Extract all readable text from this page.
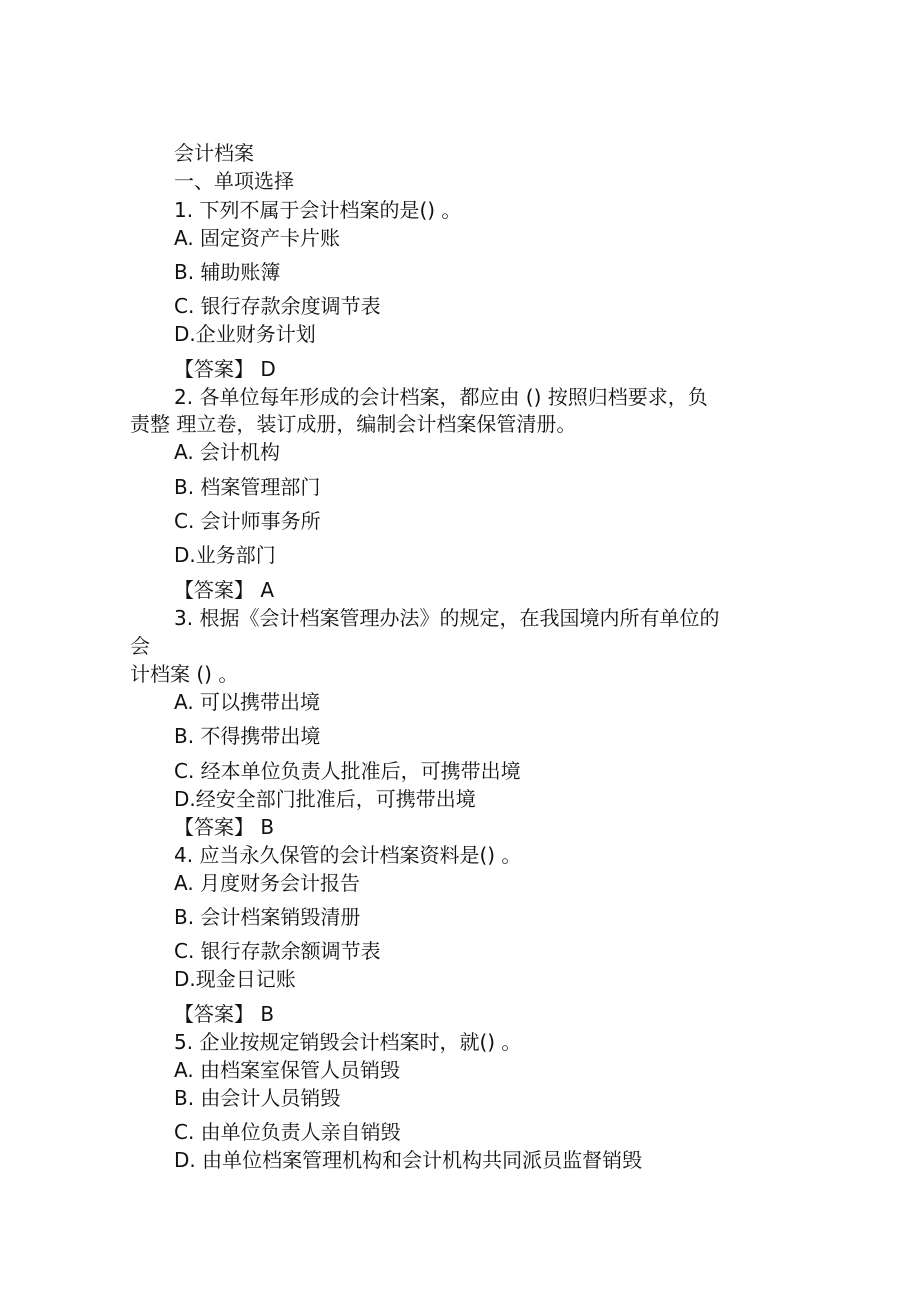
会计档案
一、单项选择
1. 下列不属于会计档案的是() 。
A. 固定资产卡片账
B. 辅助账簿
C. 银行存款余度调节表
D.企业财务计划
【答案】 D
2. 各单位每年形成的会计档案，都应由 () 按照归档要求，负
责整 理立卷，装订成册，编制会计档案保管清册。
A. 会计机构
B. 档案管理部门
C. 会计师事务所
D.业务部门
【答案】 A
3. 根据《会计档案管理办法》的规定，在我国境内所有单位的
会
计档案 () 。
A. 可以携带出境
B. 不得携带出境
C. 经本单位负责人批准后，可携带出境
D.经安全部门批准后，可携带出境
【答案】 B
4. 应当永久保管的会计档案资料是() 。
A. 月度财务会计报告
B. 会计档案销毁清册
C. 银行存款余额调节表
D.现金日记账
【答案】 B
5. 企业按规定销毁会计档案时，就() 。
A. 由档案室保管人员销毁
B. 由会计人员销毁
C. 由单位负责人亲自销毁
D. 由单位档案管理机构和会计机构共同派员监督销毁
